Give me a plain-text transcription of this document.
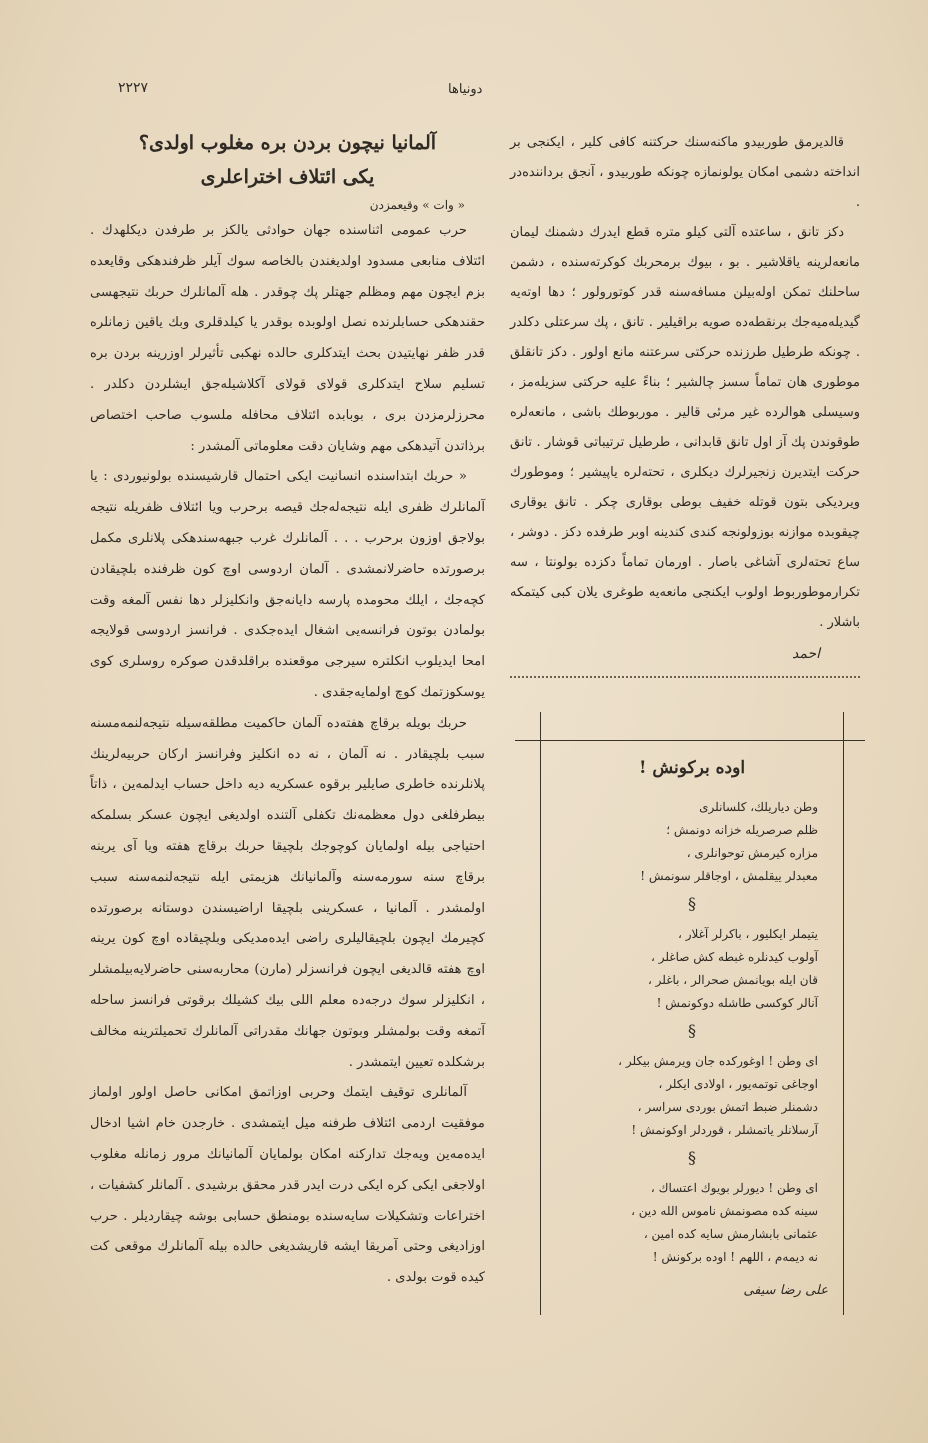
٢٢٢٧	دونیاها
آلمانیا نیچون بردن بره مغلوب اولدی؟
یکی ائتلاف اختراعلری
« وات » وقیعمزدن

حرب عمومی اثناسنده جهان حوادثی یالکز بر طرفدن دیکلهدك . ائتلاف منابعی مسدود اولدیغندن بالخاصه سوك آیلر ظرفندهکی وقایعده بزم ایچون مهم ومظلم جهتلر پك چوقدر . هله آلمانلرك حربك نتیجهسی حقندهکی حسابلرنده نصل اولوبده بوقدر یا کیلدقلری وبك یاقین زمانلره قدر ظفر نهایتیدن بحث ایتدکلری حالده نهکبی تأثیرلر اوزرینه بردن بره تسلیم سلاح ایتدکلری قولای قولای آکلاشیله‌جق ایشلردن دکلدر . محرزلرمزدن بری ، بوبابده ائتلاف محافله ملسوب صاحب اختصاص برذاتدن آتیدهکی مهم وشایان دقت معلوماتی آلمشدر :

« حربك ابتداسنده انسانیت ایکی احتمال قارشیسنده بولونیوردی : یا آلمانلرك ظفری ایله نتیجه‌له‌جك قیصه برحرب ویا ائتلاف ظفریله نتیجه بولاجق اوزون برحرب . . . آلمانلرك غرب جبهه‌سندهکی پلانلری مکمل برصورتده حاضرلانمشدی . آلمان اردوسی اوچ کون ظرفنده بلچیقادن کچه‌جك ، ایلك محومده پارسه دایانه‌جق وانکلیزلر دها نفس آلمغه وقت بولمادن بوتون فرانسه‌یی اشغال ایده‌جکدی . فرانسز اردوسی قولایجه امحا ایدیلوب انکلتره سیرجی موقعنده براقلدقدن صوکره روسلری کوی یوسکوزتمك کوچ اولمایه‌جقدی .

حربك بویله برقاچ هفته‌ده آلمان حاکمیت مطلقه‌سیله نتیجه‌لنمه‌مسنه سبب بلچیقادر . نه آلمان ، نه ده انکلیز وفرانسز ارکان حربیه‌لرینك پلانلرنده خاطری صایلیر برقوه عسکریه دیه داخل حساب ایدلمه‌ین ، ذاتاً بیطرفلغی دول معظمه‌نك تکفلی آلتنده اولدیغی ایچون عسکر بسلمکه احتیاجی بیله اولمایان کوچوجك بلچیقا حربك برقاچ هفته ویا آی یرینه برقاچ سنه سورمه‌سنه وآلمانیانك هزیمتی ایله نتیجه‌لنمه‌سنه سبب اولمشدر . آلمانیا ، عسکرینی بلچیقا اراضیسندن دوستانه برصورتده کچیرمك ایچون بلچیقالیلری راضی ایده‌مدیکی وبلچیقاده اوچ کون یرینه اوچ هفته قالدیغی ایچون فرانسزلر (مارن) محاربه‌سنی حاضرلایه‌بیلمشلر ، انکلیزلر سوك درجه‌ده معلم اللی بیك کشیلك برقوتی فرانسز ساحله آتمغه وقت بولمشلر وبوتون جهانك مقدراتی آلمانلرك تحمیلترینه مخالف برشکلده تعیین ایتمشدر .

آلمانلری توقیف ایتمك وحربی اوزاتمق امکانی حاصل اولور اولماز موفقیت اردمی ائتلاف طرفنه میل ایتمشدی . خارجدن خام اشیا ادخال ایده‌مه‌ین ویه‌جك تدارکنه امکان بولمایان آلمانیانك مرور زمانله مغلوب اولاجغی ایکی کره ایکی درت ایدر قدر محقق برشیدی . آلمانلر کشفیات ، اختراعات وتشکیلات سایه‌سنده بومنطق حسابی بوشه چیقاردیلر . حرب اوزادیغی وحتی آمریقا ایشه قاریشدیغی حالده بیله آلمانلرك موقعی کت کیده قوت بولدی .

قالدیرمق طوربیدو ماکنه‌سنك حرکتنه کافی کلیر ، ایکنجی بر انداخته دشمی امکان یولونمازه چونکه طوربیدو ، آنجق برداننده‌در .

دکز تانق ، ساعتده آلتی کیلو متره قطع ایدرك دشمنك لیمان مانعه‌لرینه یاقلاشیر . بو ، بیوك برمحربك کوکرته‌سنده ، دشمن ساحلنك تمکن اوله‌بیلن مسافه‌سنه قدر کوتورولور ؛ دها اوته‌یه گیدیله‌میه‌جك برنقطه‌ده صویه براقیلیر . تانق ، پك سرعتلی دکلدر . چونکه طرطیل طرزنده حرکتی سرعتنه مانع اولور . دکز تانقلق موطوری هان تماماً سسز چالشیر ؛ بناءً علیه حرکتی سزیله‌مز ، وسیسلی هوالرده غیر مرئی قالیر . موربوطك باشی ، مانعه‌لره طوقوندن پك آز اول تانق قابدانی ، طرطیل ترتیباتی قوشار . تانق حرکت ایتدیرن زنجیرلرك دیکلری ، تحته‌لره یاپیشیر ؛ وموطورك ویردیکی بتون قوتله خفیف بوطی بوقاری چکر . تانق یوقاری چیقوبده موازنه بوزولونجه کندی کندینه اوبر طرفده دکز . دوشر ، ساع تحته‌لری آشاغی باصار . اورمان تماماً دکزده بولونتا ، سه تکرارموطوربوط اولوب ایکنجی مانعه‌یه طوغری یلان کبی کیتمکه باشلار .

احمد
اوده برکونش !

وطن دیاریلك، کلسانلری

ظلم صرصریله خزانه دونمش ؛

مزاره کیرمش توحوانلری ،

معبدلر ییقلمش ، اوجاقلر سونمش !

§

یتیملر ایکلیور ، باکرلر آغلار ،

آولوب کیدنلره غبطه کش صاغلر ،

قان ایله بویانمش صحرالر ، باغلر ،

آنالر کوکسی طاشله دوکونمش !

§

ای وطن ! اوغورکده جان ویرمش بیکلر ،

اوجاغی توتمه‌یور ، اولادی ایکلر ،

دشمنلر ضبط اتمش بوردی سراسر ،

آرسلانلر یاتمشلر ، قوردلر اوکونمش !

§

ای وطن ! دیورلر بویوك اعتساك ،

سینه کده مصونمش ناموس الله دین ،

عثمانی بابشارمش سایه کده امین ،

نه دیمه‌م ، اللهم ! اوده برکونش !

علی رضا سیفی
